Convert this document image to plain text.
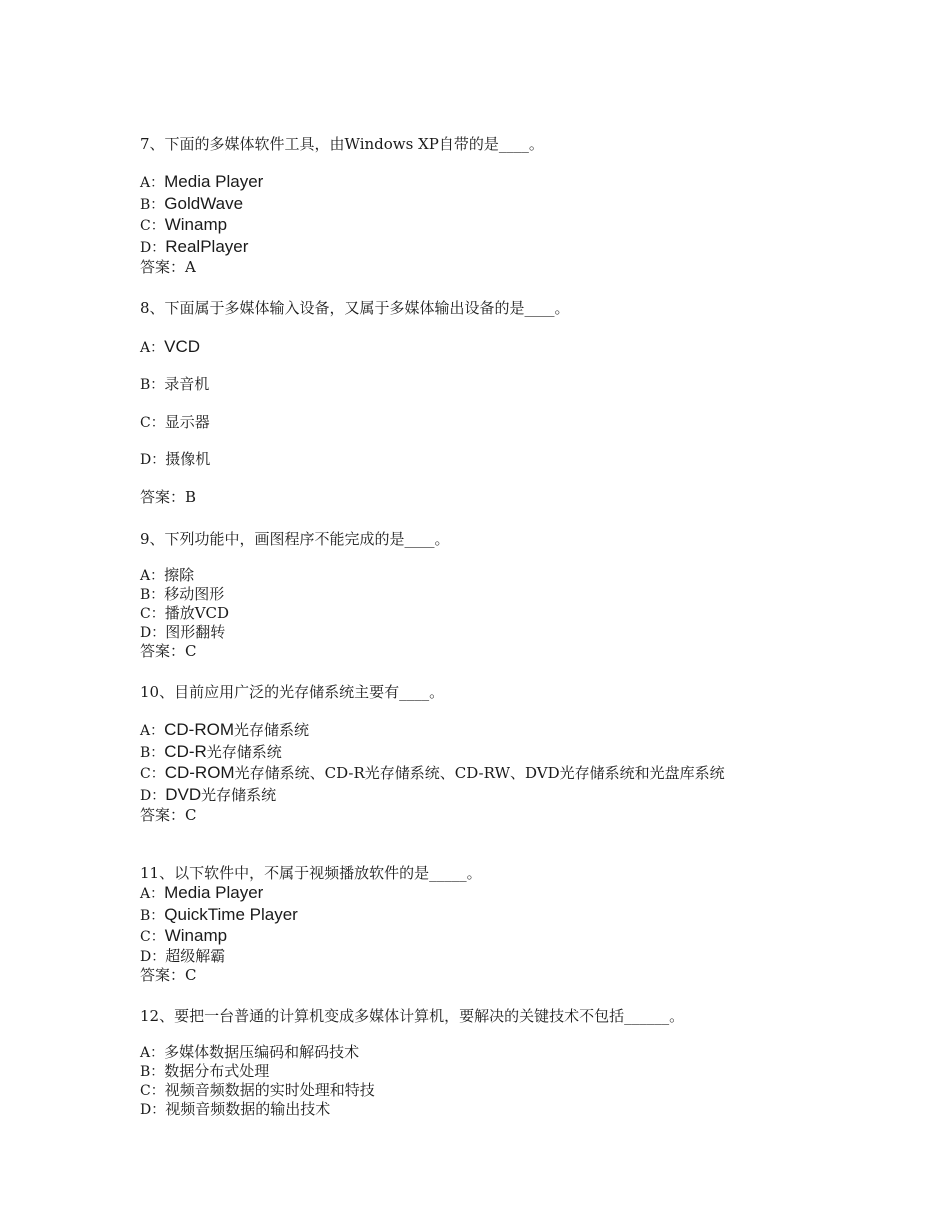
7、下面的多媒体软件工具，由Windows XP自带的是____。
A：Media Player
B：GoldWave
C：Winamp
D：RealPlayer
答案：A
8、下面属于多媒体输入设备，又属于多媒体输出设备的是____。
A：VCD
B：录音机
C：显示器
D：摄像机
答案：B
9、下列功能中，画图程序不能完成的是____。
A：擦除
B：移动图形
C：播放VCD
D：图形翻转
答案：C
10、目前应用广泛的光存储系统主要有____。
A：CD-ROM光存储系统
B：CD-R光存储系统
C：CD-ROM光存储系统、CD-R光存储系统、CD-RW、DVD光存储系统和光盘库系统
D：DVD光存储系统
答案：C
11、以下软件中，不属于视频播放软件的是_____。
A：Media Player
B：QuickTime Player
C：Winamp
D：超级解霸
答案：C
12、要把一台普通的计算机变成多媒体计算机，要解决的关键技术不包括______。
A：多媒体数据压编码和解码技术
B：数据分布式处理
C：视频音频数据的实时处理和特技
D：视频音频数据的输出技术
